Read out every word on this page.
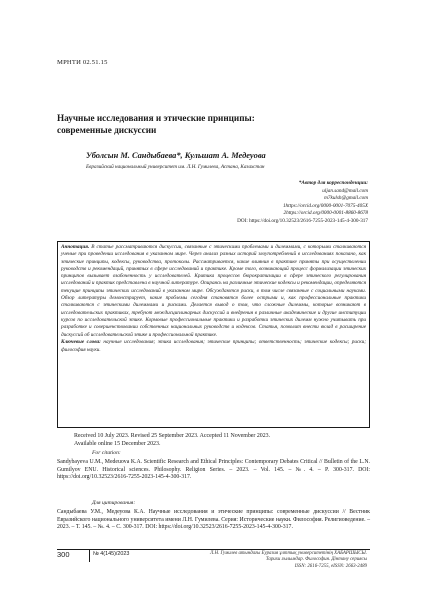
МРНТИ 02.51.15
Научные исследования и этические принципы:
современные дискуссии
Уболсын М. Сандыбаева*, Кульшат А. Медеуова
Евразийский национальный университет им. Л.Н. Гумилева, Астана, Казахстан
*Автор для корреспонденции:
uljan.sand@mail.com
m7kulsh@gmail.com
1https://orcid.org/0000-0001-7075-405X
2https://orcid.org/0000-0001-8860-8678
DOI: https://doi.org/10.32523/2616-7255-2023-145-4-300-317

Аннотация. В статье рассматриваются дискуссии, связанные с этическими проблемами и дилеммами, с которыми сталкиваются ученые при проведении исследования в указанном мире. Через анализ разных историй злоупотреблений в исследованиях показано, как этические принципы, кодексы, руководства, протоколы. Рассматривается, какие влияния в практике приняты при осуществлении руководств и рекомендаций, принятых в сфере исследований и практике. Кроме того, возникающий процесс формализации этических принципов вызывает озабоченность у исследователей. Критика процессов бюрократизации в сфере этического регулирования исследований и практик представлена в научной литературе. Опираясь на различные этические кодексы и рекомендации, определяются текущие принципы этических исследований в указанном мире. Обсуждаются риски, в том числе связанные с социальными науками. Обзор литературы демонстрирует, какие проблемы сегодня становятся более острыми и, как профессиональные практики сталкиваются с этическими дилеммами и рисками. Делается вывод о том, что сложные дилеммы, которые возникают в исследовательских практиках, требуют междисциплинарных дискуссий и внедрения в различные академические и другие институции курсов по исследовательской этике. Кормовые профессиональные практики и разработки этических дилемм нужно учитывать при разработке и совершенствовании собственных национальных руководств и кодексов. Статья, позволит внести вклад в расширение дискуссий об исследовательской этике и профессиональной практике.

Ключевые слова: научные исследования; этика исследования; этические принципы; ответственность; этические кодексы; риски; философия науки.

Received 10 July 2023. Revised 25 September 2023. Accepted 11 November 2023.
Available online 15 December 2023.
For citation:

Sandybayeva U.M., Medeuova K.A. Scientific Research and Ethical Principles: Contemporary Debates Critical // Bulletin of the L.N. Gumilyov ENU. Historical sciences. Philosophy. Religion Series. – 2023. – Vol. 145. – №. 4. – P. 300-317. DOI: https://doi.org/10.32523/2616-7255-2023-145-4-300-317.

Для цитирования:

Сандыбаева У.М., Медеуова К.А. Научные исследования и этические принципы: современные дискуссии // Вестник Евразийского национального университета имени Л.Н. Гумилева. Серия: Исторические науки. Философия. Религиоведение. – 2023. – Т. 145. – №. 4. – С. 300-317. DOI: https://doi.org/10.32523/2616-7255-2023-145-4-300-317.

300	№ 4(145)/2023	Л.Н. Гумилев атындағы Еуразия ұлттық университетінің ХАБАРШЫСЫ.
Тарихи ғылымдар. Философия. Дінтану сериясы
ISSN: 2616-7255, eISSN: 2663-2489
